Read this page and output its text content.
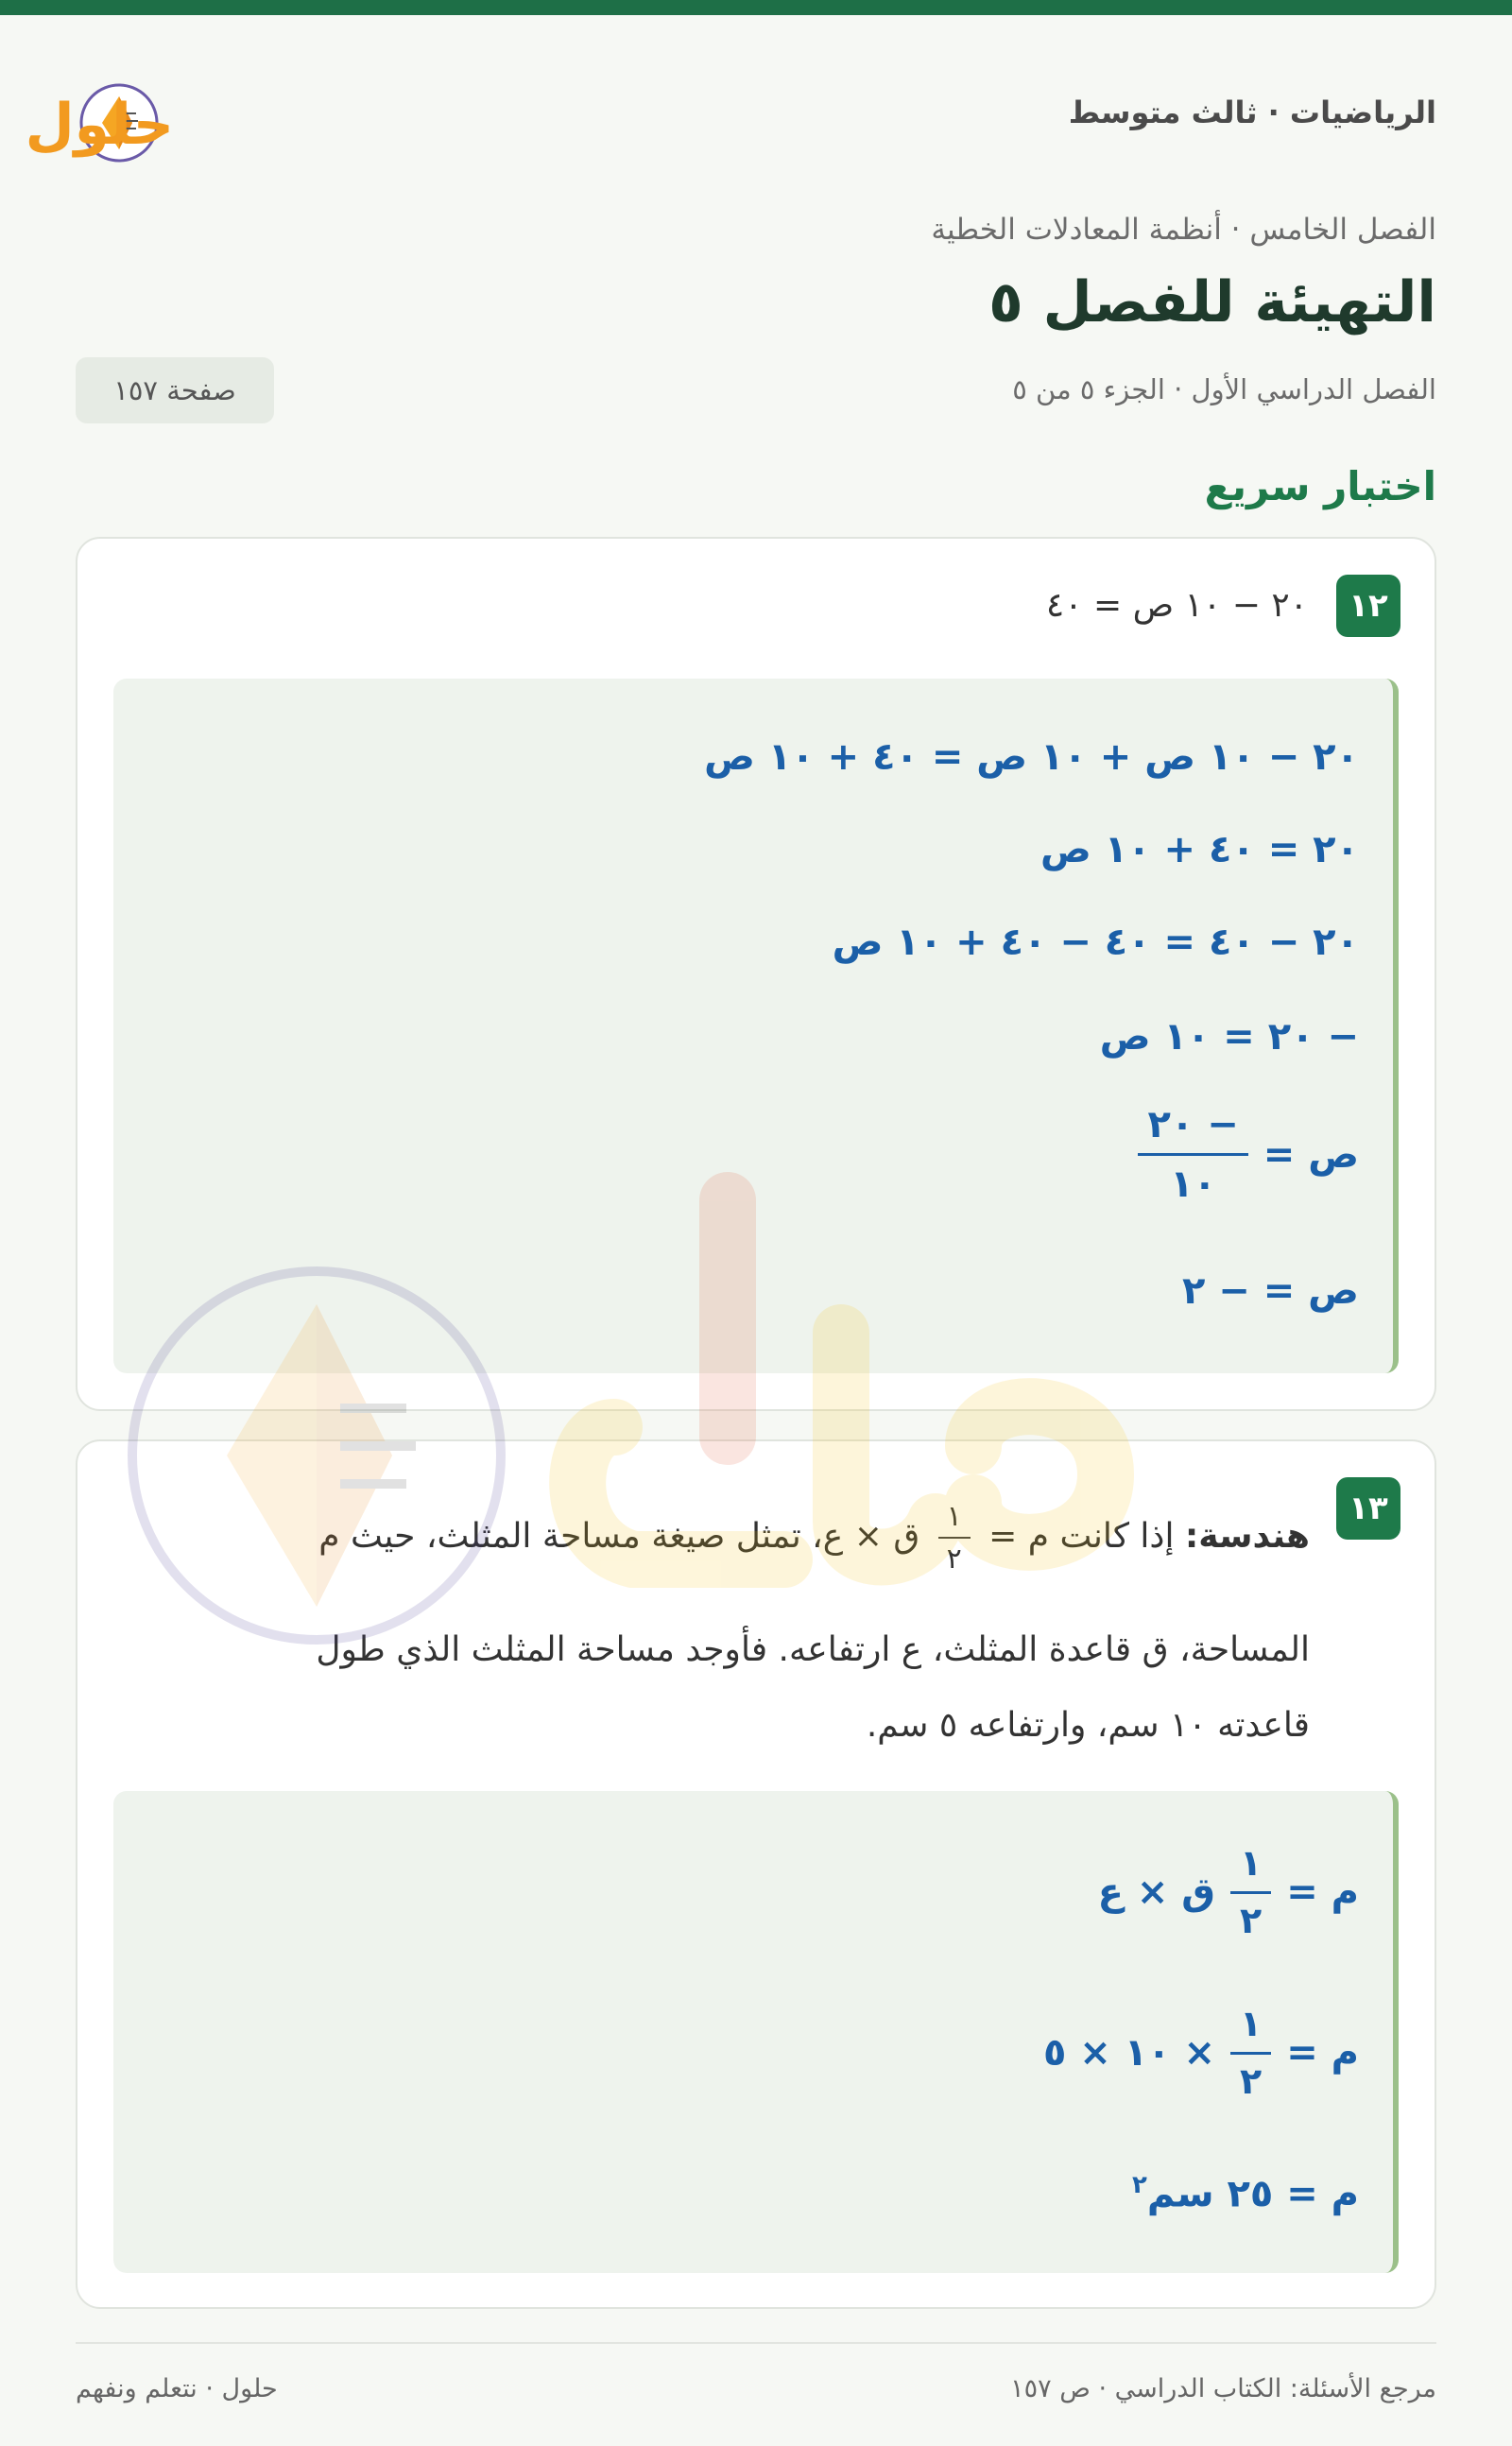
الرياضيات · ثالث متوسط
حلول
الفصل الخامس · أنظمة المعادلات الخطية
التهيئة للفصل ٥
الفصل الدراسي الأول · الجزء ٥ من ٥
صفحة ١٥٧
اختبار سريع
١٢
٢٠ − ١٠ ص = ٤٠
٢٠ − ١٠ ص + ١٠ ص = ٤٠ + ١٠ ص
٢٠ = ٤٠ + ١٠ ص
٢٠ − ٤٠ = ٤٠ − ٤٠ + ١٠ ص
− ٢٠ = ١٠ ص
ص =
$\frac{- ٢٠}{١٠}$
ص = − ٢
١٣
هندسة: إذا كانت م =
$\frac{١}{٢}$
ق × ع، تمثل صيغة مساحة المثلث، حيث م
المساحة، ق قاعدة المثلث، ع ارتفاعه. فأوجد مساحة المثلث الذي طول
قاعدته ١٠ سم، وارتفاعه ٥ سم.
م =
$\frac{١}{٢}$
ق × ع
م =
$\frac{١}{٢}$
× ١٠ × ٥
م = ٢٥ سم$^٢$
مرجع الأسئلة: الكتاب الدراسي · ص ١٥٧
حلول · نتعلم ونفهم
